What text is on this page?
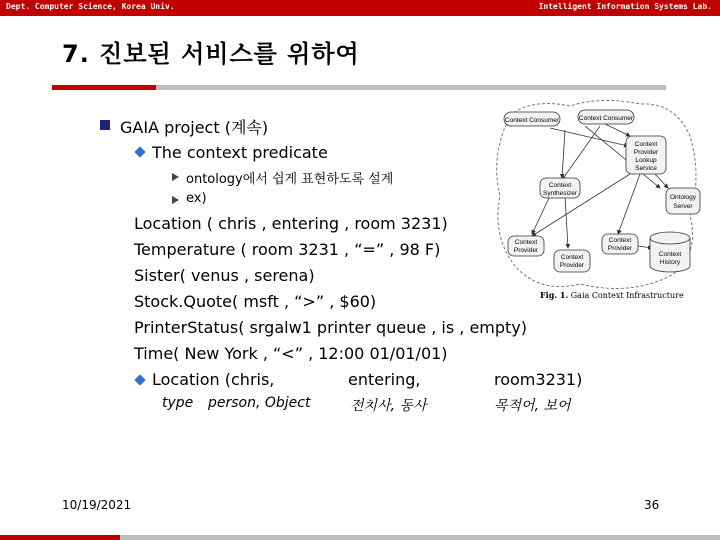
Dept. Computer Science, Korea Univ.	Intelligent Information Systems Lab.
7. 진보된 서비스를 위하여
GAIA project (계속)
The context predicate
ontology에서 쉽게 표현하도록 설계
ex)
Location ( chris , entering , room 3231)
Temperature ( room 3231 , “=” , 98 F)
Sister( venus , serena)
Stock.Quote( msft , “>” , $60)
PrinterStatus( srgalw1 printer queue , is , empty)
Time( New York , “<” , 12:00 01/01/01)
Location (chris,	entering,	room3231)
type person, Object	전치사, 동사	목적어, 보어
Context Consumer	Context Consumer
Context
Provider
Lookup
Service
Context
Synthesizer
Ontology
Server
Context
Provider
Context
Provider
Context
Provider
Context
History
Fig. 1. Gaia Context Infrastructure
10/19/2021	36
